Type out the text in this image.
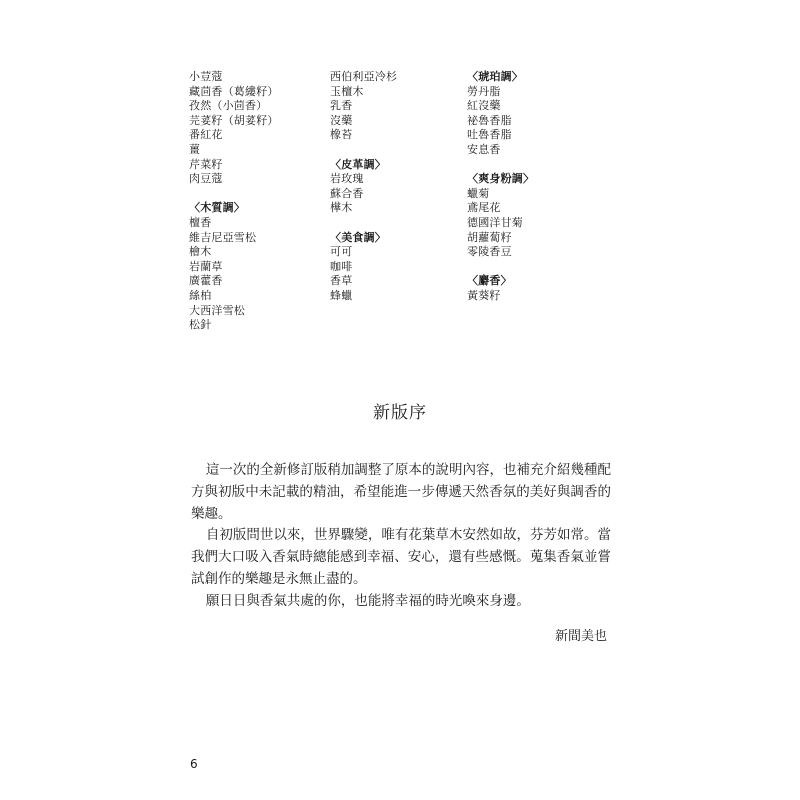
小荳蔻
藏茴香（葛縷籽）
孜然（小茴香）
芫荽籽（胡荽籽）
番紅花
薑
芹菜籽
肉豆蔻
〈木質調〉
檀香
維吉尼亞雪松
檜木
岩蘭草
廣藿香
絲柏
大西洋雪松
松針
西伯利亞冷杉
玉檀木
乳香
沒藥
橡苔
〈皮革調〉
岩玫瑰
蘇合香
樺木
〈美食調〉
可可
咖啡
香草
蜂蠟
〈琥珀調〉
勞丹脂
紅沒藥
祕魯香脂
吐魯香脂
安息香
〈爽身粉調〉
蠟菊
鳶尾花
德國洋甘菊
胡蘿蔔籽
零陵香豆
〈麝香〉
黃葵籽
新版序

這一次的全新修訂版稍加調整了原本的說明內容，也補充介紹幾種配方與初版中未記載的精油，希望能進一步傳遞天然香氛的美好與調香的樂趣。

自初版問世以來，世界驟變，唯有花葉草木安然如故，芬芳如常。當我們大口吸入香氣時總能感到幸福、安心，還有些感慨。蒐集香氣並嘗試創作的樂趣是永無止盡的。

願日日與香氣共處的你，也能將幸福的時光喚來身邊。

新間美也
6
